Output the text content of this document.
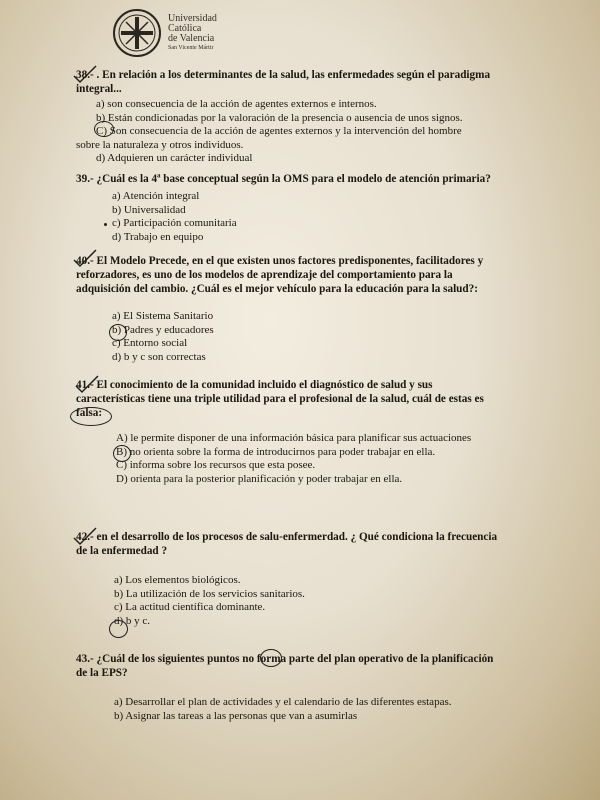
Universidad
Católica
de Valencia
San Vicente Mártir
38.- . En relación a los determinantes de la salud, las enfermedades según el paradigma
integral...
a) son consecuencia de la acción de agentes externos e internos.
b) Están condicionadas por la valoración de la presencia o ausencia de unos signos.
C) Son consecuencia de la acción de agentes externos y la intervención del hombre
sobre la naturaleza y otros individuos.
d) Adquieren un carácter individual
39.- ¿Cuál es la 4ª base conceptual según la OMS para el modelo de atención primaria?
a) Atención integral
b) Universalidad
c) Participación comunitaria
d) Trabajo en equipo
40.- El Modelo Precede, en el que existen unos factores predisponentes, facilitadores y
reforzadores, es uno de los modelos de aprendizaje del comportamiento para la
adquisición del cambio. ¿Cuál es el mejor vehículo para la educación para la salud?:
a) El Sistema Sanitario
b) Padres y educadores
c) Entorno social
d) b y c son correctas
41.- El conocimiento de la comunidad incluido el diagnóstico de salud y sus
características tiene una triple utilidad para el profesional de la salud, cuál de estas es
falsa:
A) le permite disponer de una información básica para planificar sus actuaciones
B) no orienta sobre la forma de introducirnos para poder trabajar en ella.
C) informa sobre los recursos que esta posee.
D) orienta para la posterior planificación y poder trabajar en ella.
42.- en el desarrollo de los procesos de salu-enfermerdad. ¿ Qué condiciona la frecuencia
de la enfermedad ?
a) Los elementos biológicos.
b) La utilización de los servicios sanitarios.
c) La actitud científica dominante.
d) b y c.
43.- ¿Cuál de los siguientes puntos no forma parte del plan operativo de la planificación
de la EPS?
a) Desarrollar el plan de actividades y el calendario de las diferentes estapas.
b) Asignar las tareas a las personas que van a asumirlas
